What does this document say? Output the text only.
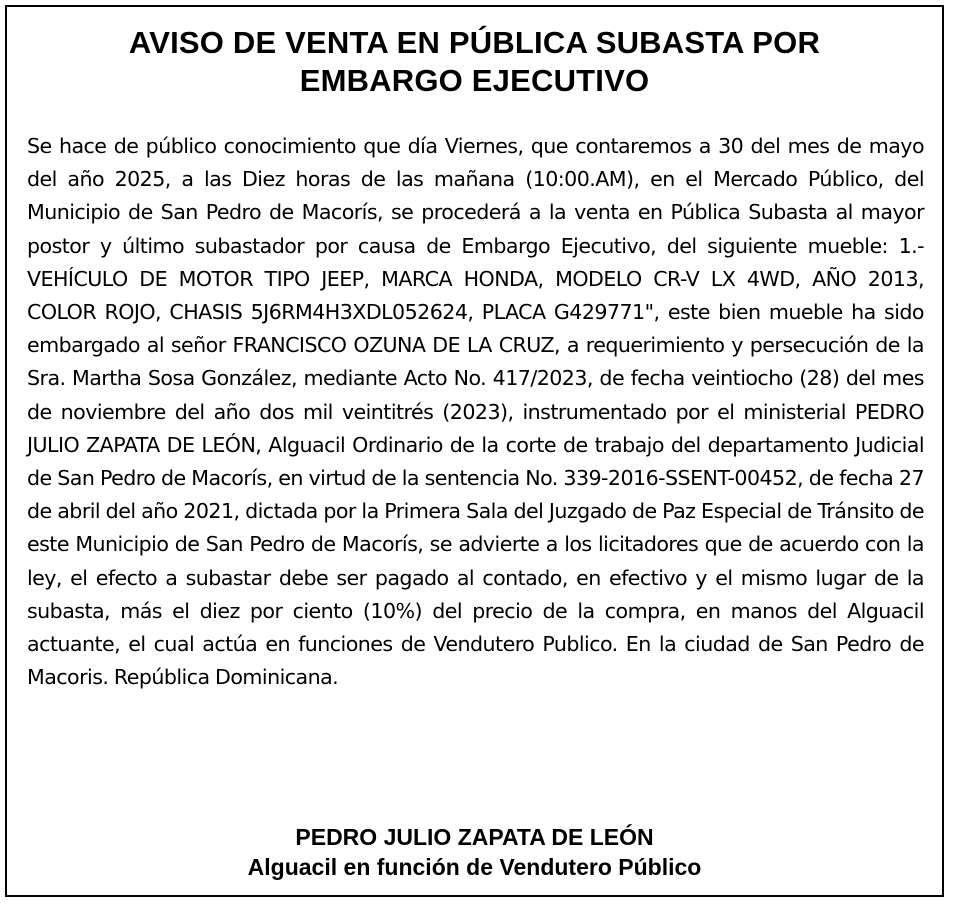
AVISO DE VENTA EN PÚBLICA SUBASTA POR
EMBARGO EJECUTIVO

Se hace de público conocimiento que día Viernes, que contaremos a 30 del mes de mayo del año 2025, a las Diez horas de las mañana (10:00.AM), en el Mercado Público, del Municipio de San Pedro de Macorís, se procederá a la venta en Pública Subasta al mayor postor y último subastador por causa de Embargo Ejecutivo, del siguiente mueble: 1.- VEHÍCULO DE MOTOR TIPO JEEP, MARCA HONDA, MODELO CR-V LX 4WD, AÑO 2013, COLOR ROJO, CHASIS 5J6RM4H3XDL052624, PLACA G429771", este bien mueble ha sido embargado al señor FRANCISCO OZUNA DE LA CRUZ, a requerimiento y persecución de la Sra. Martha Sosa González, mediante Acto No. 417/2023, de fecha veintiocho (28) del mes de noviembre del año dos mil veintitrés (2023), instrumentado por el ministerial PEDRO JULIO ZAPATA DE LEÓN, Alguacil Ordinario de la corte de trabajo del departamento Judicial de San Pedro de Macorís, en virtud de la sentencia No. 339-2016-SSENT-00452, de fecha 27 de abril del año 2021, dictada por la Primera Sala del Juzgado de Paz Especial de Tránsito de este Municipio de San Pedro de Macorís, se advierte a los licitadores que de acuerdo con la ley, el efecto a subastar debe ser pagado al contado, en efectivo y el mismo lugar de la subasta, más el diez por ciento (10%) del precio de la compra, en manos del Alguacil actuante, el cual actúa en funciones de Vendutero Publico. En la ciudad de San Pedro de Macoris. República Dominicana.

PEDRO JULIO ZAPATA DE LEÓN
Alguacil en función de Vendutero Público
